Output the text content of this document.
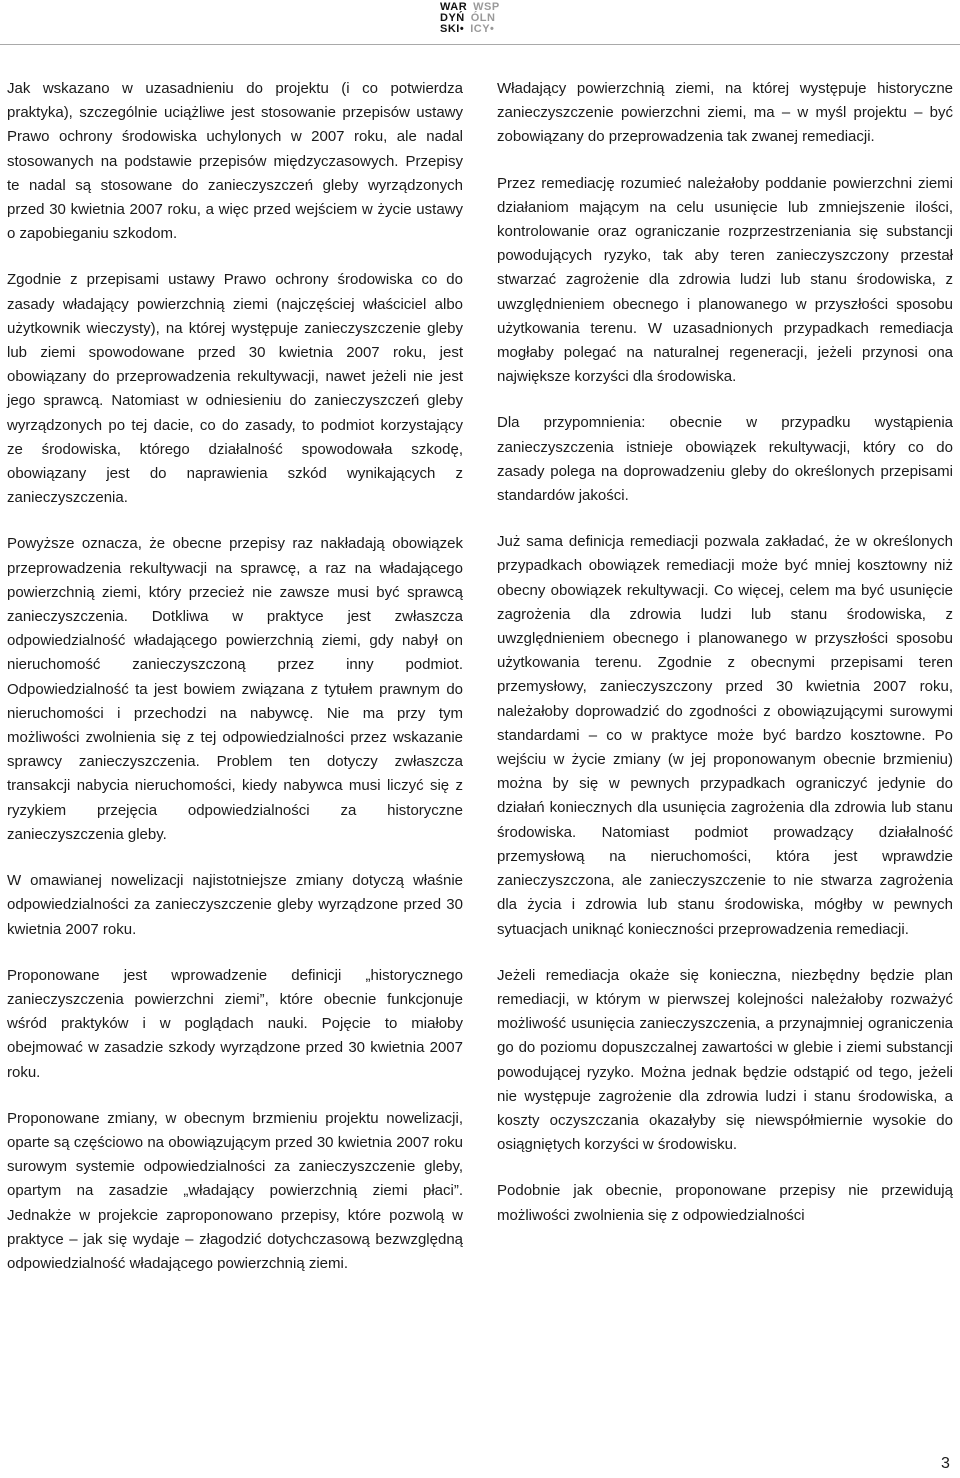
WAR WSP
DYŃ ÓLN
SKI• ICY•

Jak wskazano w uzasadnieniu do projektu (i co potwierdza praktyka), szczególnie uciążliwe jest stosowanie przepisów ustawy Prawo ochrony środowiska uchylonych w 2007 roku, ale nadal stosowanych na podstawie przepisów międzyczasowych. Przepisy te nadal są stosowane do zanieczyszczeń gleby wyrządzonych przed 30 kwietnia 2007 roku, a więc przed wejściem w życie ustawy o zapobieganiu szkodom.

Zgodnie z przepisami ustawy Prawo ochrony środowiska co do zasady władający powierzchnią ziemi (najczęściej właściciel albo użytkownik wieczysty), na której występuje zanieczyszczenie gleby lub ziemi spowodowane przed 30 kwietnia 2007 roku, jest obowiązany do przeprowadzenia rekultywacji, nawet jeżeli nie jest jego sprawcą. Natomiast w odniesieniu do zanieczyszczeń gleby wyrządzonych po tej dacie, co do zasady, to podmiot korzystający ze środowiska, którego działalność spowodowała szkodę, obowiązany jest do naprawienia szkód wynikających z zanieczyszczenia.

Powyższe oznacza, że obecne przepisy raz nakładają obowiązek przeprowadzenia rekultywacji na sprawcę, a raz na władającego powierzchnią ziemi, który przecież nie zawsze musi być sprawcą zanieczyszczenia. Dotkliwa w praktyce jest zwłaszcza odpowiedzialność władającego powierzchnią ziemi, gdy nabył on nieruchomość zanieczyszczoną przez inny podmiot. Odpowiedzialność ta jest bowiem związana z tytułem prawnym do nieruchomości i przechodzi na nabywcę. Nie ma przy tym możliwości zwolnienia się z tej odpowiedzialności przez wskazanie sprawcy zanieczyszczenia. Problem ten dotyczy zwłaszcza transakcji nabycia nieruchomości, kiedy nabywca musi liczyć się z ryzykiem przejęcia odpowiedzialności za historyczne zanieczyszczenia gleby.

W omawianej nowelizacji najistotniejsze zmiany dotyczą właśnie odpowiedzialności za zanieczyszczenie gleby wyrządzone przed 30 kwietnia 2007 roku.

Proponowane jest wprowadzenie definicji „historycznego zanieczyszczenia powierzchni ziemi”, które obecnie funkcjonuje wśród praktyków i w poglądach nauki. Pojęcie to miałoby obejmować w zasadzie szkody wyrządzone przed 30 kwietnia 2007 roku.

Proponowane zmiany, w obecnym brzmieniu projektu nowelizacji, oparte są częściowo na obowiązującym przed 30 kwietnia 2007 roku surowym systemie odpowiedzialności za zanieczyszczenie gleby, opartym na zasadzie „władający powierzchnią ziemi płaci”. Jednakże w projekcie zaproponowano przepisy, które pozwolą w praktyce – jak się wydaje – złagodzić dotychczasową bezwzględną odpowiedzialność władającego powierzchnią ziemi.

Władający powierzchnią ziemi, na której występuje historyczne zanieczyszczenie powierzchni ziemi, ma – w myśl projektu – być zobowiązany do przeprowadzenia tak zwanej remediacji.

Przez remediację rozumieć należałoby poddanie powierzchni ziemi działaniom mającym na celu usunięcie lub zmniejszenie ilości, kontrolowanie oraz ograniczanie rozprzestrzeniania się substancji powodujących ryzyko, tak aby teren zanieczyszczony przestał stwarzać zagrożenie dla zdrowia ludzi lub stanu środowiska, z uwzględnieniem obecnego i planowanego w przyszłości sposobu użytkowania terenu. W uzasadnionych przypadkach remediacja mogłaby polegać na naturalnej regeneracji, jeżeli przynosi ona największe korzyści dla środowiska.

Dla przypomnienia: obecnie w przypadku wystąpienia zanieczyszczenia istnieje obowiązek rekultywacji, który co do zasady polega na doprowadzeniu gleby do określonych przepisami standardów jakości.

Już sama definicja remediacji pozwala zakładać, że w określonych przypadkach obowiązek remediacji może być mniej kosztowny niż obecny obowiązek rekultywacji. Co więcej, celem ma być usunięcie zagrożenia dla zdrowia ludzi lub stanu środowiska, z uwzględnieniem obecnego i planowanego w przyszłości sposobu użytkowania terenu. Zgodnie z obecnymi przepisami teren przemysłowy, zanieczyszczony przed 30 kwietnia 2007 roku, należałoby doprowadzić do zgodności z obowiązującymi surowymi standardami – co w praktyce może być bardzo kosztowne. Po wejściu w życie zmiany (w jej proponowanym obecnie brzmieniu) można by się w pewnych przypadkach ograniczyć jedynie do działań koniecznych dla usunięcia zagrożenia dla zdrowia lub stanu środowiska. Natomiast podmiot prowadzący działalność przemysłową na nieruchomości, która jest wprawdzie zanieczyszczona, ale zanieczyszczenie to nie stwarza zagrożenia dla życia i zdrowia lub stanu środowiska, mógłby w pewnych sytuacjach uniknąć konieczności przeprowadzenia remediacji.

Jeżeli remediacja okaże się konieczna, niezbędny będzie plan remediacji, w którym w pierwszej kolejności należałoby rozważyć możliwość usunięcia zanieczyszczenia, a przynajmniej ograniczenia go do poziomu dopuszczalnej zawartości w glebie i ziemi substancji powodującej ryzyko. Można jednak będzie odstąpić od tego, jeżeli nie występuje zagrożenie dla zdrowia ludzi i stanu środowiska, a koszty oczyszczania okazałyby się niewspółmiernie wysokie do osiągniętych korzyści w środowisku.

Podobnie jak obecnie, proponowane przepisy nie przewidują możliwości zwolnienia się z odpowiedzialności

3
